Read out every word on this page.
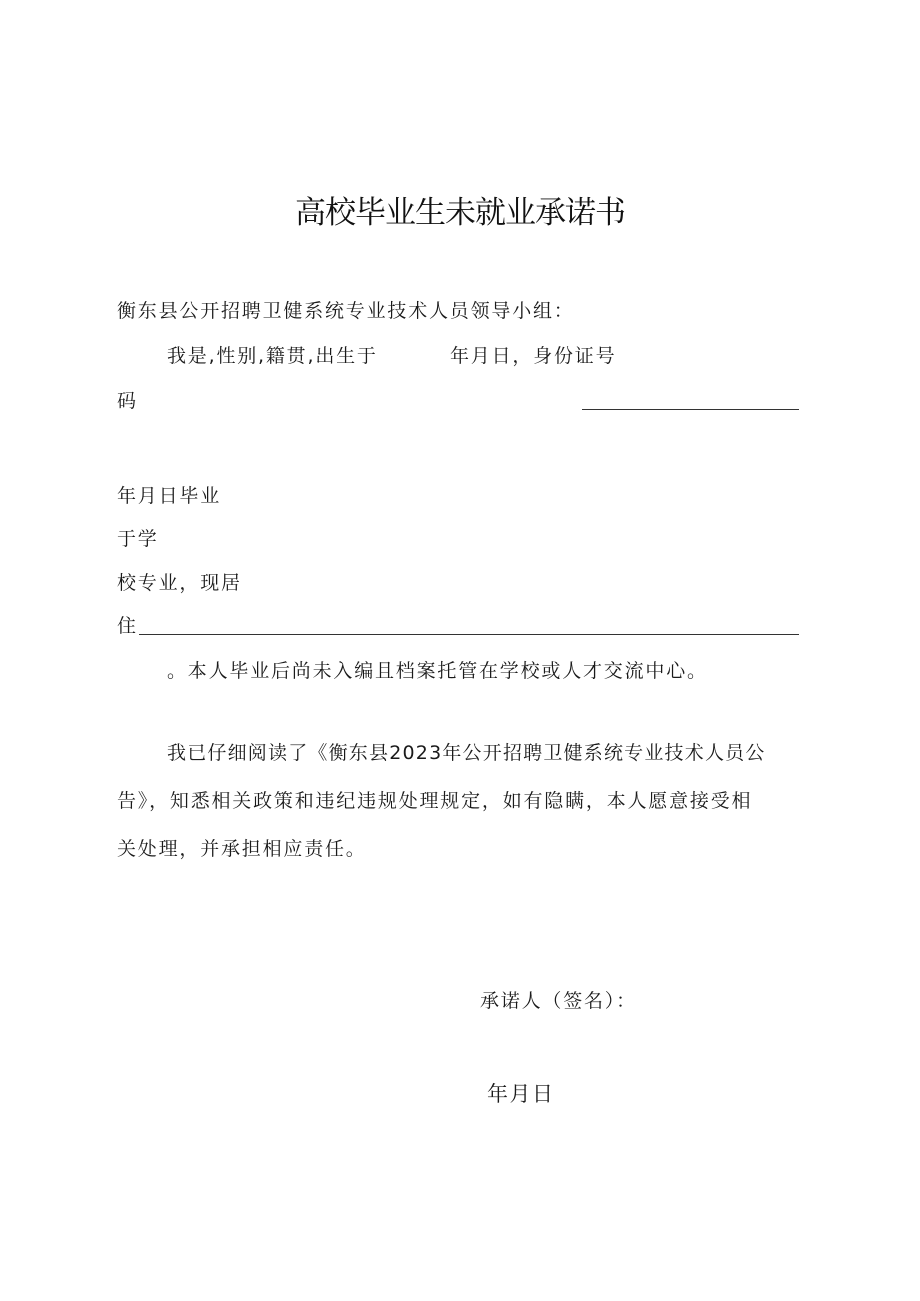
高校毕业生未就业承诺书
衡东县公开招聘卫健系统专业技术人员领导小组：
我是,性别,籍贯,出生于	年月日，身份证号
码
年月日毕业
于学
校专业，现居
住
。本人毕业后尚未入编且档案托管在学校或人才交流中心。
我已仔细阅读了《衡东县2023年公开招聘卫健系统专业技术人员公
告》，知悉相关政策和违纪违规处理规定，如有隐瞒，本人愿意接受相
关处理，并承担相应责任。
承诺人（签名）：
年月日
